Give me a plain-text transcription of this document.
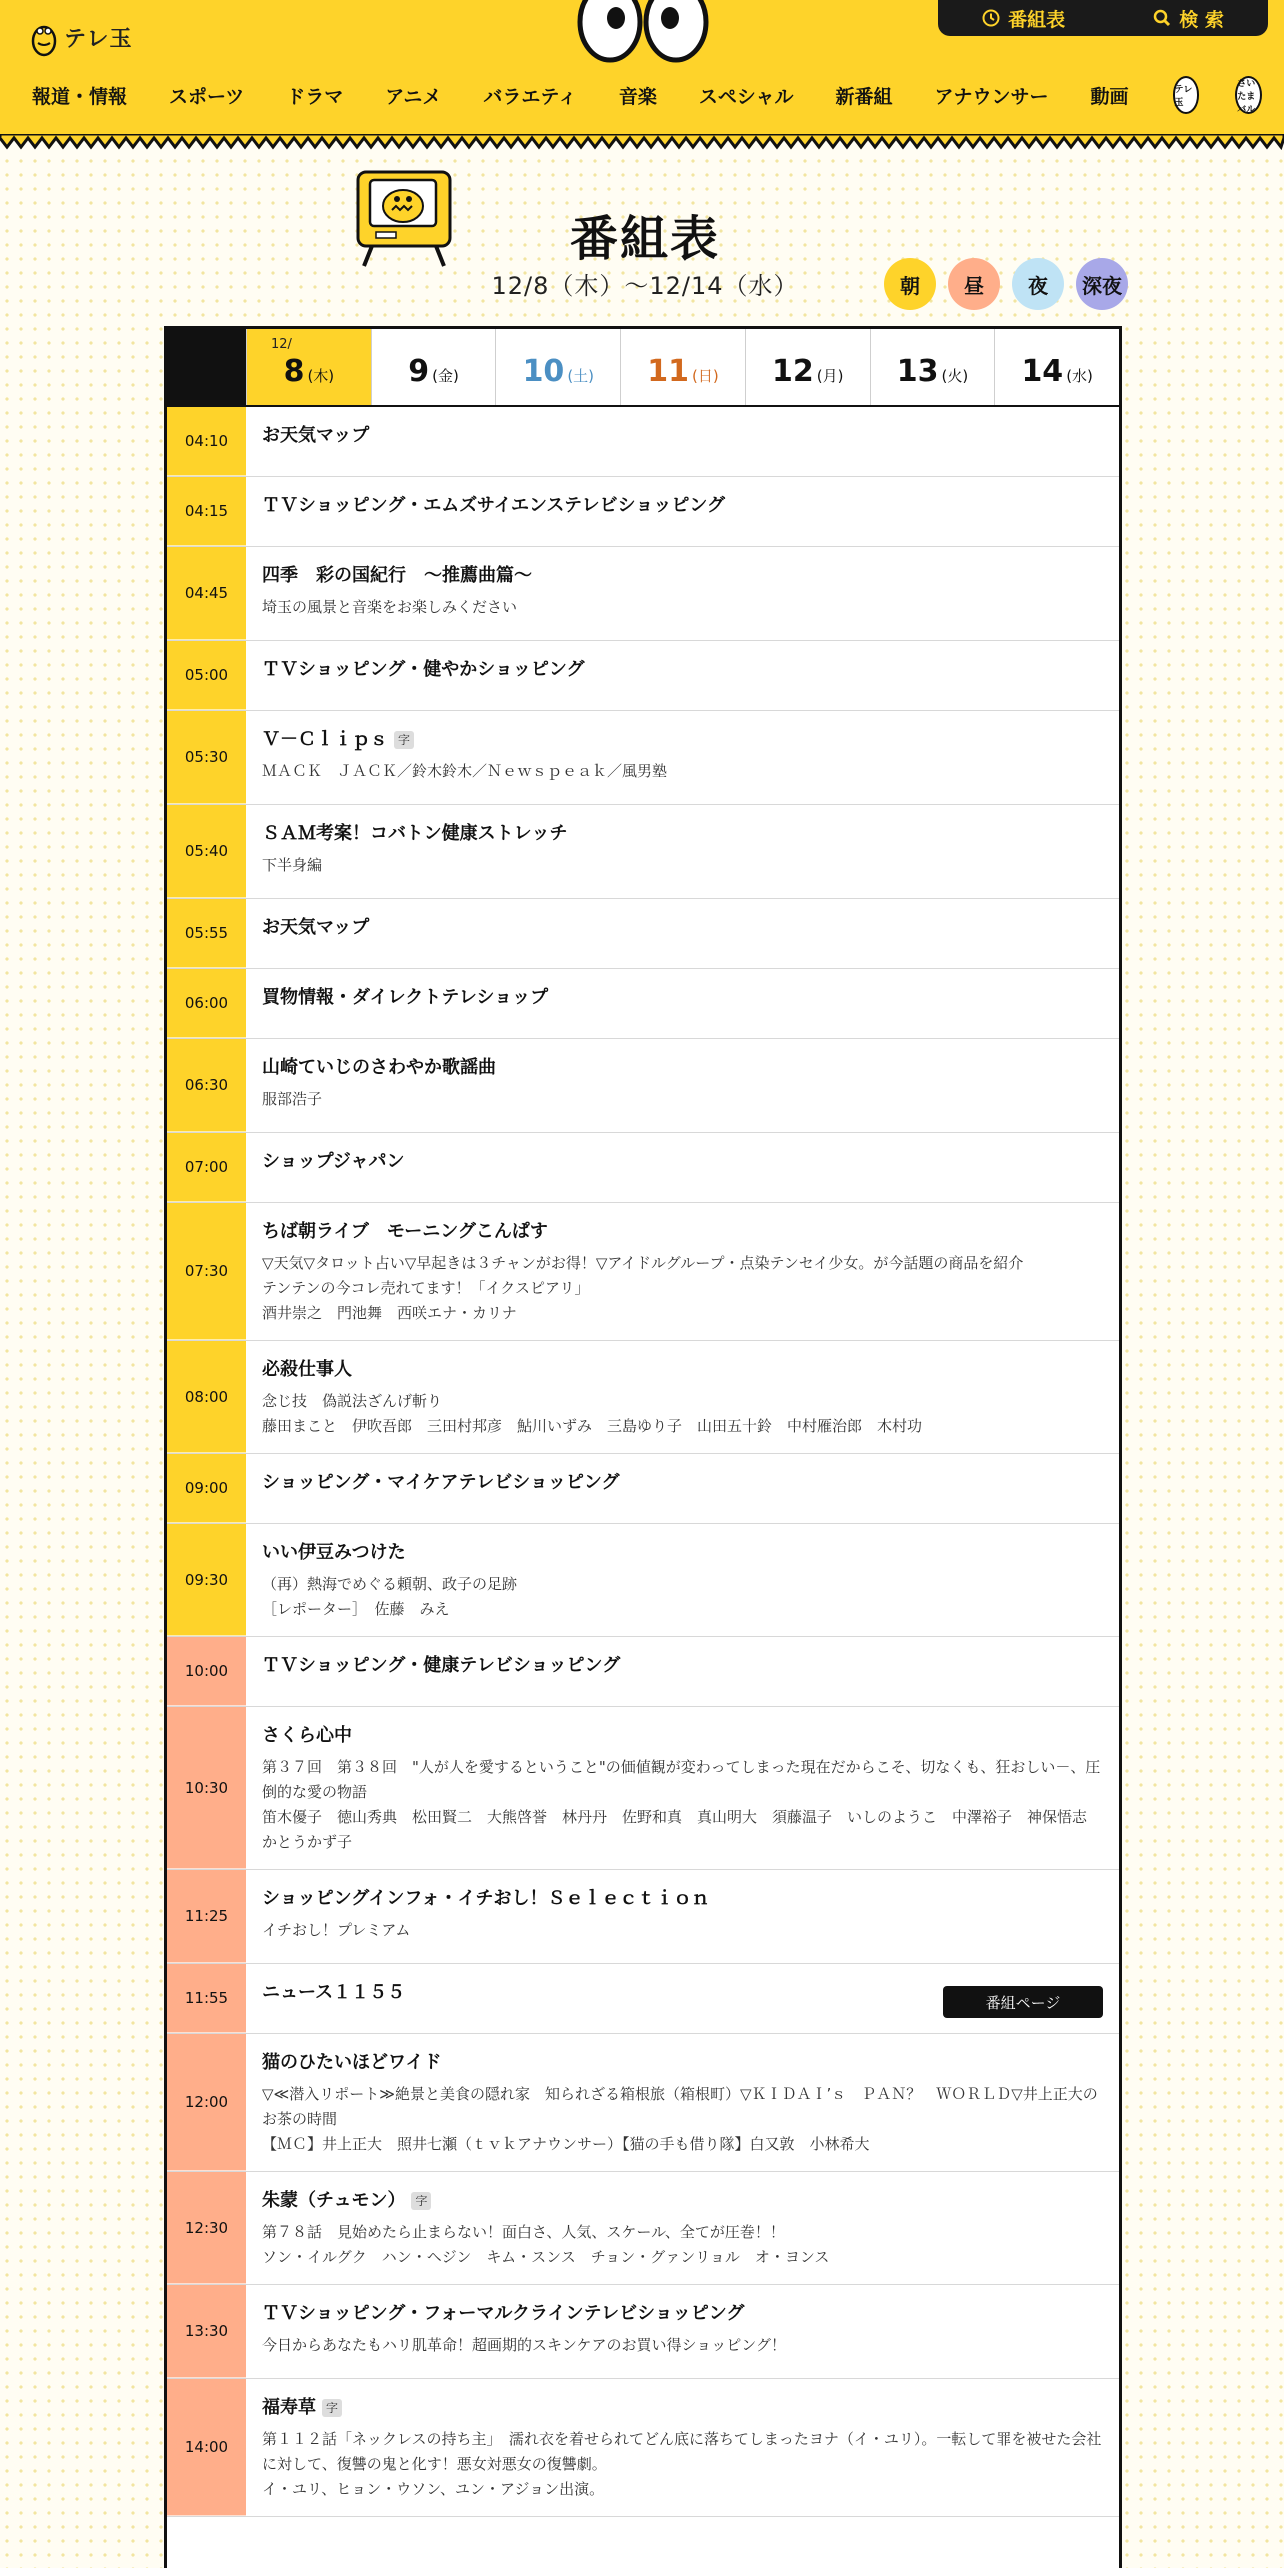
テレ玉
番組表	検 索
報道・情報 スポーツ ドラマ アニメ バラエティ 音楽 スペシャル 新番組 アナウンサー 動画	テレ玉
さいたまバル
番組表
12/8（木）〜12/14（水）	朝	昼	夜	深夜
12/
8 (木) 9 (金) 10 (土) 11 (日) 12 (月) 13 (火) 14 (水)
04:10	お天気マップ
04:15	ＴＶショッピング・エムズサイエンステレビショッピング
04:45
四季　彩の国紀行　～推薦曲篇～
埼玉の風景と音楽をお楽しみください
05:00	ＴＶショッピング・健やかショッピング
05:30
Ｖ－Ｃｌｉｐｓ 字
ＭＡＣＫ　ＪＡＣＫ／鈴木鈴木／Ｎｅｗｓｐｅａｋ／風男塾
05:40
ＳＡＭ考案！コバトン健康ストレッチ
下半身編
05:55	お天気マップ
06:00	買物情報・ダイレクトテレショップ
06:30
山崎ていじのさわやか歌謡曲
服部浩子
07:00	ショップジャパン
07:30
ちば朝ライブ　モーニングこんぱす
▽天気▽タロット占い▽早起きは３チャンがお得！▽アイドルグループ・点染テンセイ少女。が今話題の商品を紹介
テンテンの今コレ売れてます！「イクスピアリ」
酒井崇之　門池舞　西咲エナ・カリナ
08:00
必殺仕事人
念じ技　偽説法ざんげ斬り
藤田まこと　伊吹吾郎　三田村邦彦　鮎川いずみ　三島ゆり子　山田五十鈴　中村雁治郎　木村功
09:00	ショッピング・マイケアテレビショッピング
09:30
いい伊豆みつけた
（再）熱海でめぐる頼朝、政子の足跡
［レポーター］　佐藤　みえ
10:00	ＴＶショッピング・健康テレビショッピング
10:30
さくら心中
第３７回　第３８回　"人が人を愛するということ"の価値観が変わってしまった現在だからこそ、切なくも、狂おしい－、圧倒的な愛の物語
笛木優子　徳山秀典　松田賢二　大熊啓誉　林丹丹　佐野和真　真山明大　須藤温子　いしのようこ　中澤裕子　神保悟志　かとうかず子
11:25
ショッピングインフォ・イチおし！Ｓｅｌｅｃｔｉｏｎ
イチおし！プレミアム
11:55	ニュース１１５５	番組ページ
12:00
猫のひたいほどワイド
▽≪潜入リポート≫絶景と美食の隠れ家　知られざる箱根旅（箱根町）▽ＫＩＤＡＩ’ｓ　ＰＡＮ？　ＷＯＲＬＤ▽井上正大のお茶の時間
【ＭＣ】井上正大　照井七瀬（ｔｖｋアナウンサー）【猫の手も借り隊】白又敦　小林希大
12:30
朱蒙（チュモン） 字
第７８話　見始めたら止まらない！面白さ、人気、スケール、全てが圧巻！！
ソン・イルグク　ハン・ヘジン　キム・スンス　チョン・グァンリョル　オ・ヨンス
13:30
ＴＶショッピング・フォーマルクラインテレビショッピング
今日からあなたもハリ肌革命！超画期的スキンケアのお買い得ショッピング！
14:00
福寿草 字
第１１２話「ネックレスの持ち主」　濡れ衣を着せられてどん底に落ちてしまったヨナ（イ・ユリ）。一転して罪を被せた会社に対して、復讐の鬼と化す！悪女対悪女の復讐劇。
イ・ユリ、ヒョン・ウソン、ユン・アジョン出演。
